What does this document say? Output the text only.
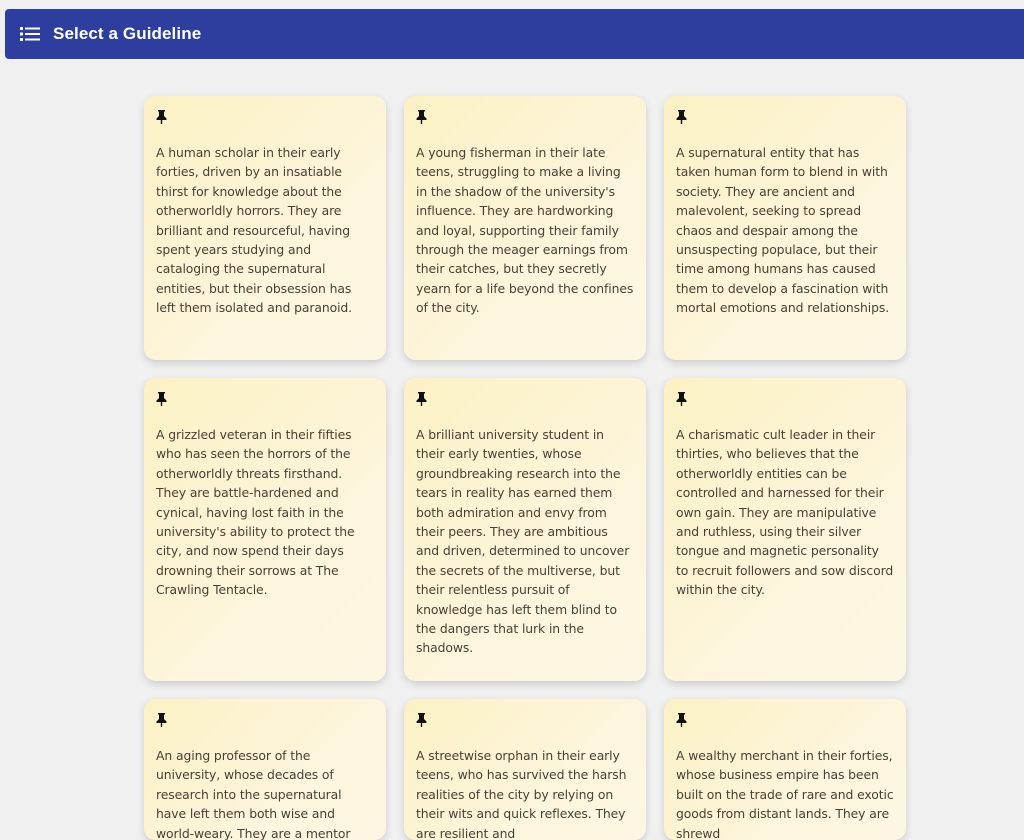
Select a Guideline
A human scholar in their early forties, driven by an insatiable thirst for knowledge about the otherworldly horrors. They are brilliant and resourceful, having spent years studying and cataloging the supernatural entities, but their obsession has left them isolated and paranoid.
A young fisherman in their late teens, struggling to make a living in the shadow of the university's influence. They are hardworking and loyal, supporting their family through the meager earnings from their catches, but they secretly yearn for a life beyond the confines of the city.
A supernatural entity that has taken human form to blend in with society. They are ancient and malevolent, seeking to spread chaos and despair among the unsuspecting populace, but their time among humans has caused them to develop a fascination with mortal emotions and relationships.
A grizzled veteran in their fifties who has seen the horrors of the otherworldly threats firsthand. They are battle-hardened and cynical, having lost faith in the university's ability to protect the city, and now spend their days drowning their sorrows at The Crawling Tentacle.
A brilliant university student in their early twenties, whose groundbreaking research into the tears in reality has earned them both admiration and envy from their peers. They are ambitious and driven, determined to uncover the secrets of the multiverse, but their relentless pursuit of knowledge has left them blind to the dangers that lurk in the shadows.
A charismatic cult leader in their thirties, who believes that the otherworldly entities can be controlled and harnessed for their own gain. They are manipulative and ruthless, using their silver tongue and magnetic personality to recruit followers and sow discord within the city.
An aging professor of the university, whose decades of research into the supernatural have left them both wise and world-weary. They are a mentor
A streetwise orphan in their early teens, who has survived the harsh realities of the city by relying on their wits and quick reflexes. They are resilient and
A wealthy merchant in their forties, whose business empire has been built on the trade of rare and exotic goods from distant lands. They are shrewd
